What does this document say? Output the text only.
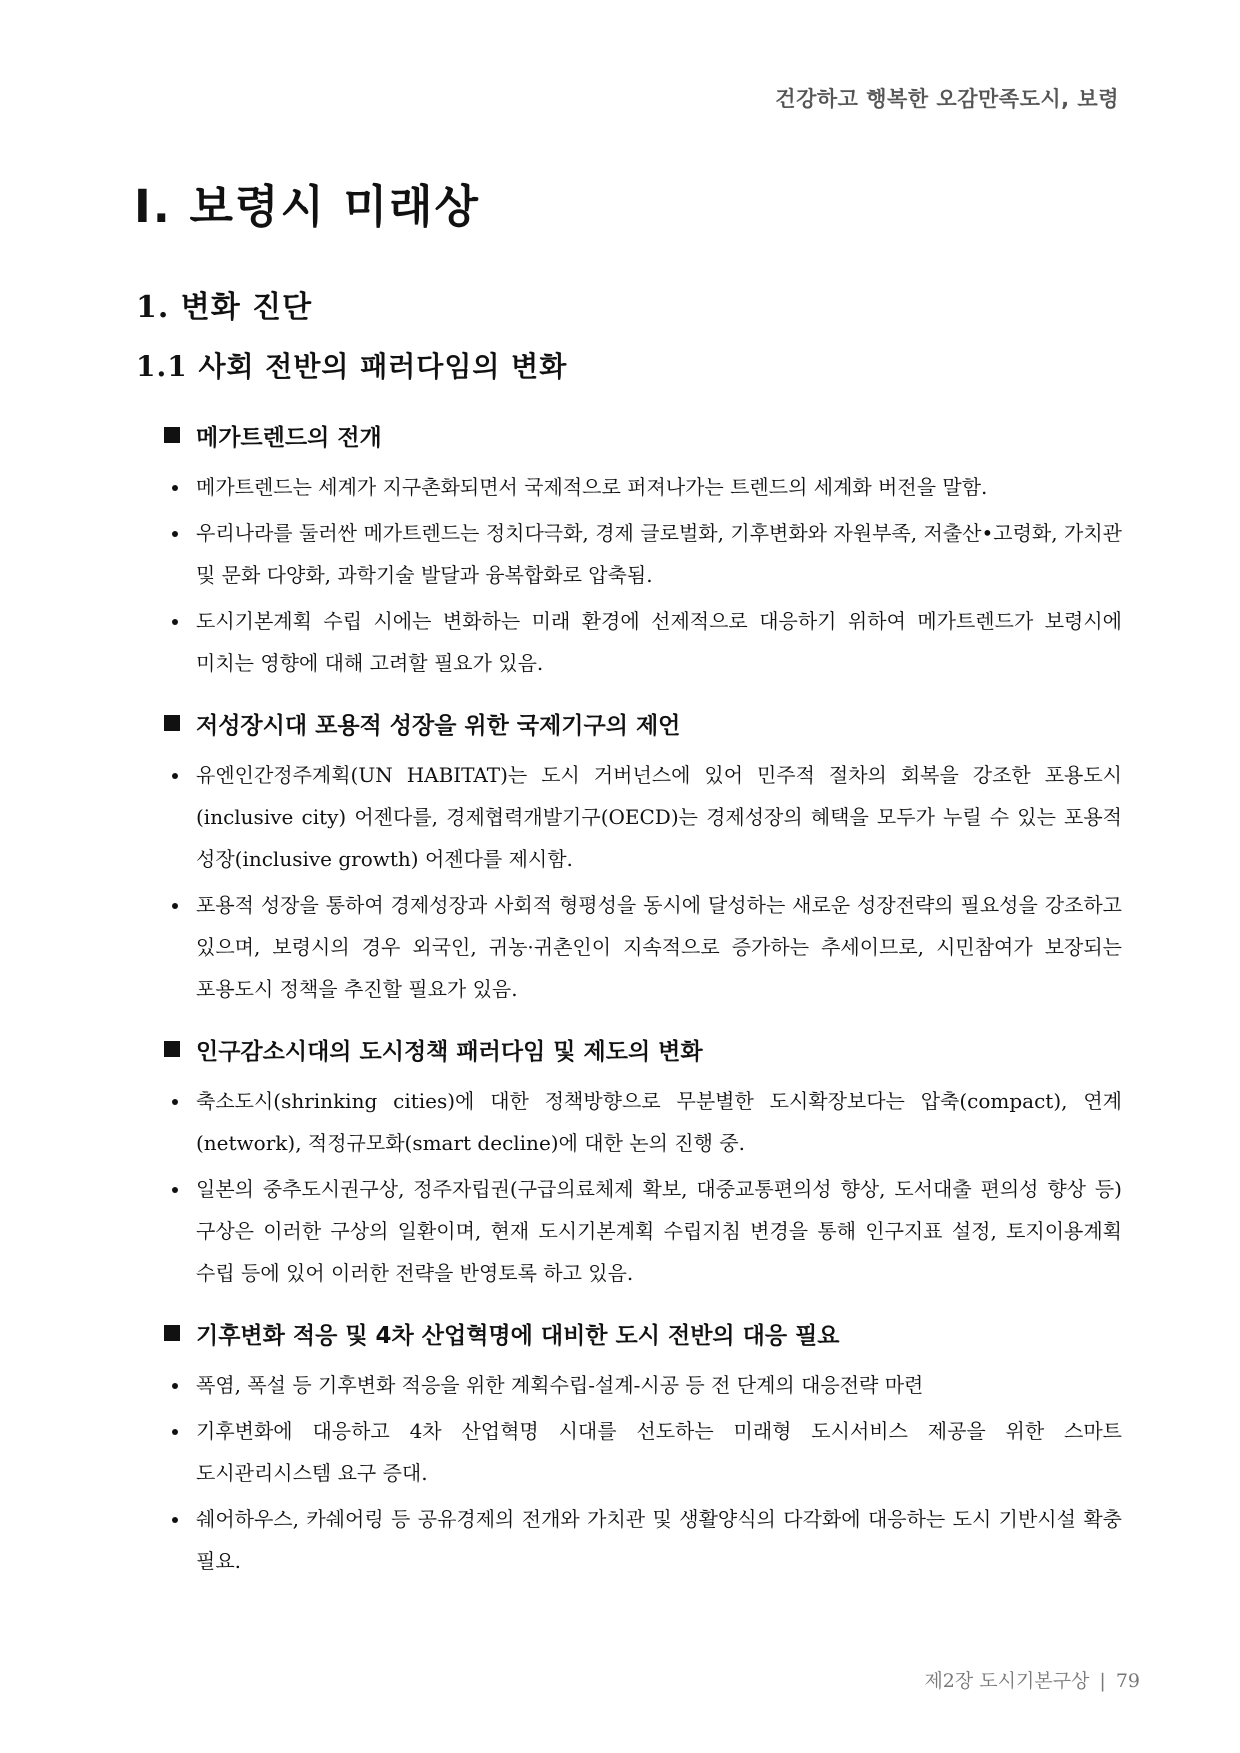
건강하고 행복한 오감만족도시, 보령
Ⅰ. 보령시 미래상
1. 변화 진단
1.1 사회 전반의 패러다임의 변화
메가트렌드의 전개
메가트렌드는 세계가 지구촌화되면서 국제적으로 퍼져나가는 트렌드의 세계화 버전을 말함.
우리나라를 둘러싼 메가트렌드는 정치다극화, 경제 글로벌화, 기후변화와 자원부족, 저출산•고령화, 가치관 및 문화 다양화, 과학기술 발달과 융복합화로 압축됨.
도시기본계획 수립 시에는 변화하는 미래 환경에 선제적으로 대응하기 위하여 메가트렌드가 보령시에 미치는 영향에 대해 고려할 필요가 있음.
저성장시대 포용적 성장을 위한 국제기구의 제언
유엔인간정주계획(UN HABITAT)는 도시 거버넌스에 있어 민주적 절차의 회복을 강조한 포용도시(inclusive city) 어젠다를, 경제협력개발기구(OECD)는 경제성장의 혜택을 모두가 누릴 수 있는 포용적 성장(inclusive growth) 어젠다를 제시함.
포용적 성장을 통하여 경제성장과 사회적 형평성을 동시에 달성하는 새로운 성장전략의 필요성을 강조하고 있으며, 보령시의 경우 외국인, 귀농·귀촌인이 지속적으로 증가하는 추세이므로, 시민참여가 보장되는 포용도시 정책을 추진할 필요가 있음.
인구감소시대의 도시정책 패러다임 및 제도의 변화
축소도시(shrinking cities)에 대한 정책방향으로 무분별한 도시확장보다는 압축(compact), 연계(network), 적정규모화(smart decline)에 대한 논의 진행 중.
일본의 중추도시권구상, 정주자립권(구급의료체제 확보, 대중교통편의성 향상, 도서대출 편의성 향상 등) 구상은 이러한 구상의 일환이며, 현재 도시기본계획 수립지침 변경을 통해 인구지표 설정, 토지이용계획 수립 등에 있어 이러한 전략을 반영토록 하고 있음.
기후변화 적응 및 4차 산업혁명에 대비한 도시 전반의 대응 필요
폭염, 폭설 등 기후변화 적응을 위한 계획수립-설계-시공 등 전 단계의 대응전략 마련
기후변화에 대응하고 4차 산업혁명 시대를 선도하는 미래형 도시서비스 제공을 위한 스마트 도시관리시스템 요구 증대.
쉐어하우스, 카쉐어링 등 공유경제의 전개와 가치관 및 생활양식의 다각화에 대응하는 도시 기반시설 확충 필요.
제2장 도시기본구상 | 79
